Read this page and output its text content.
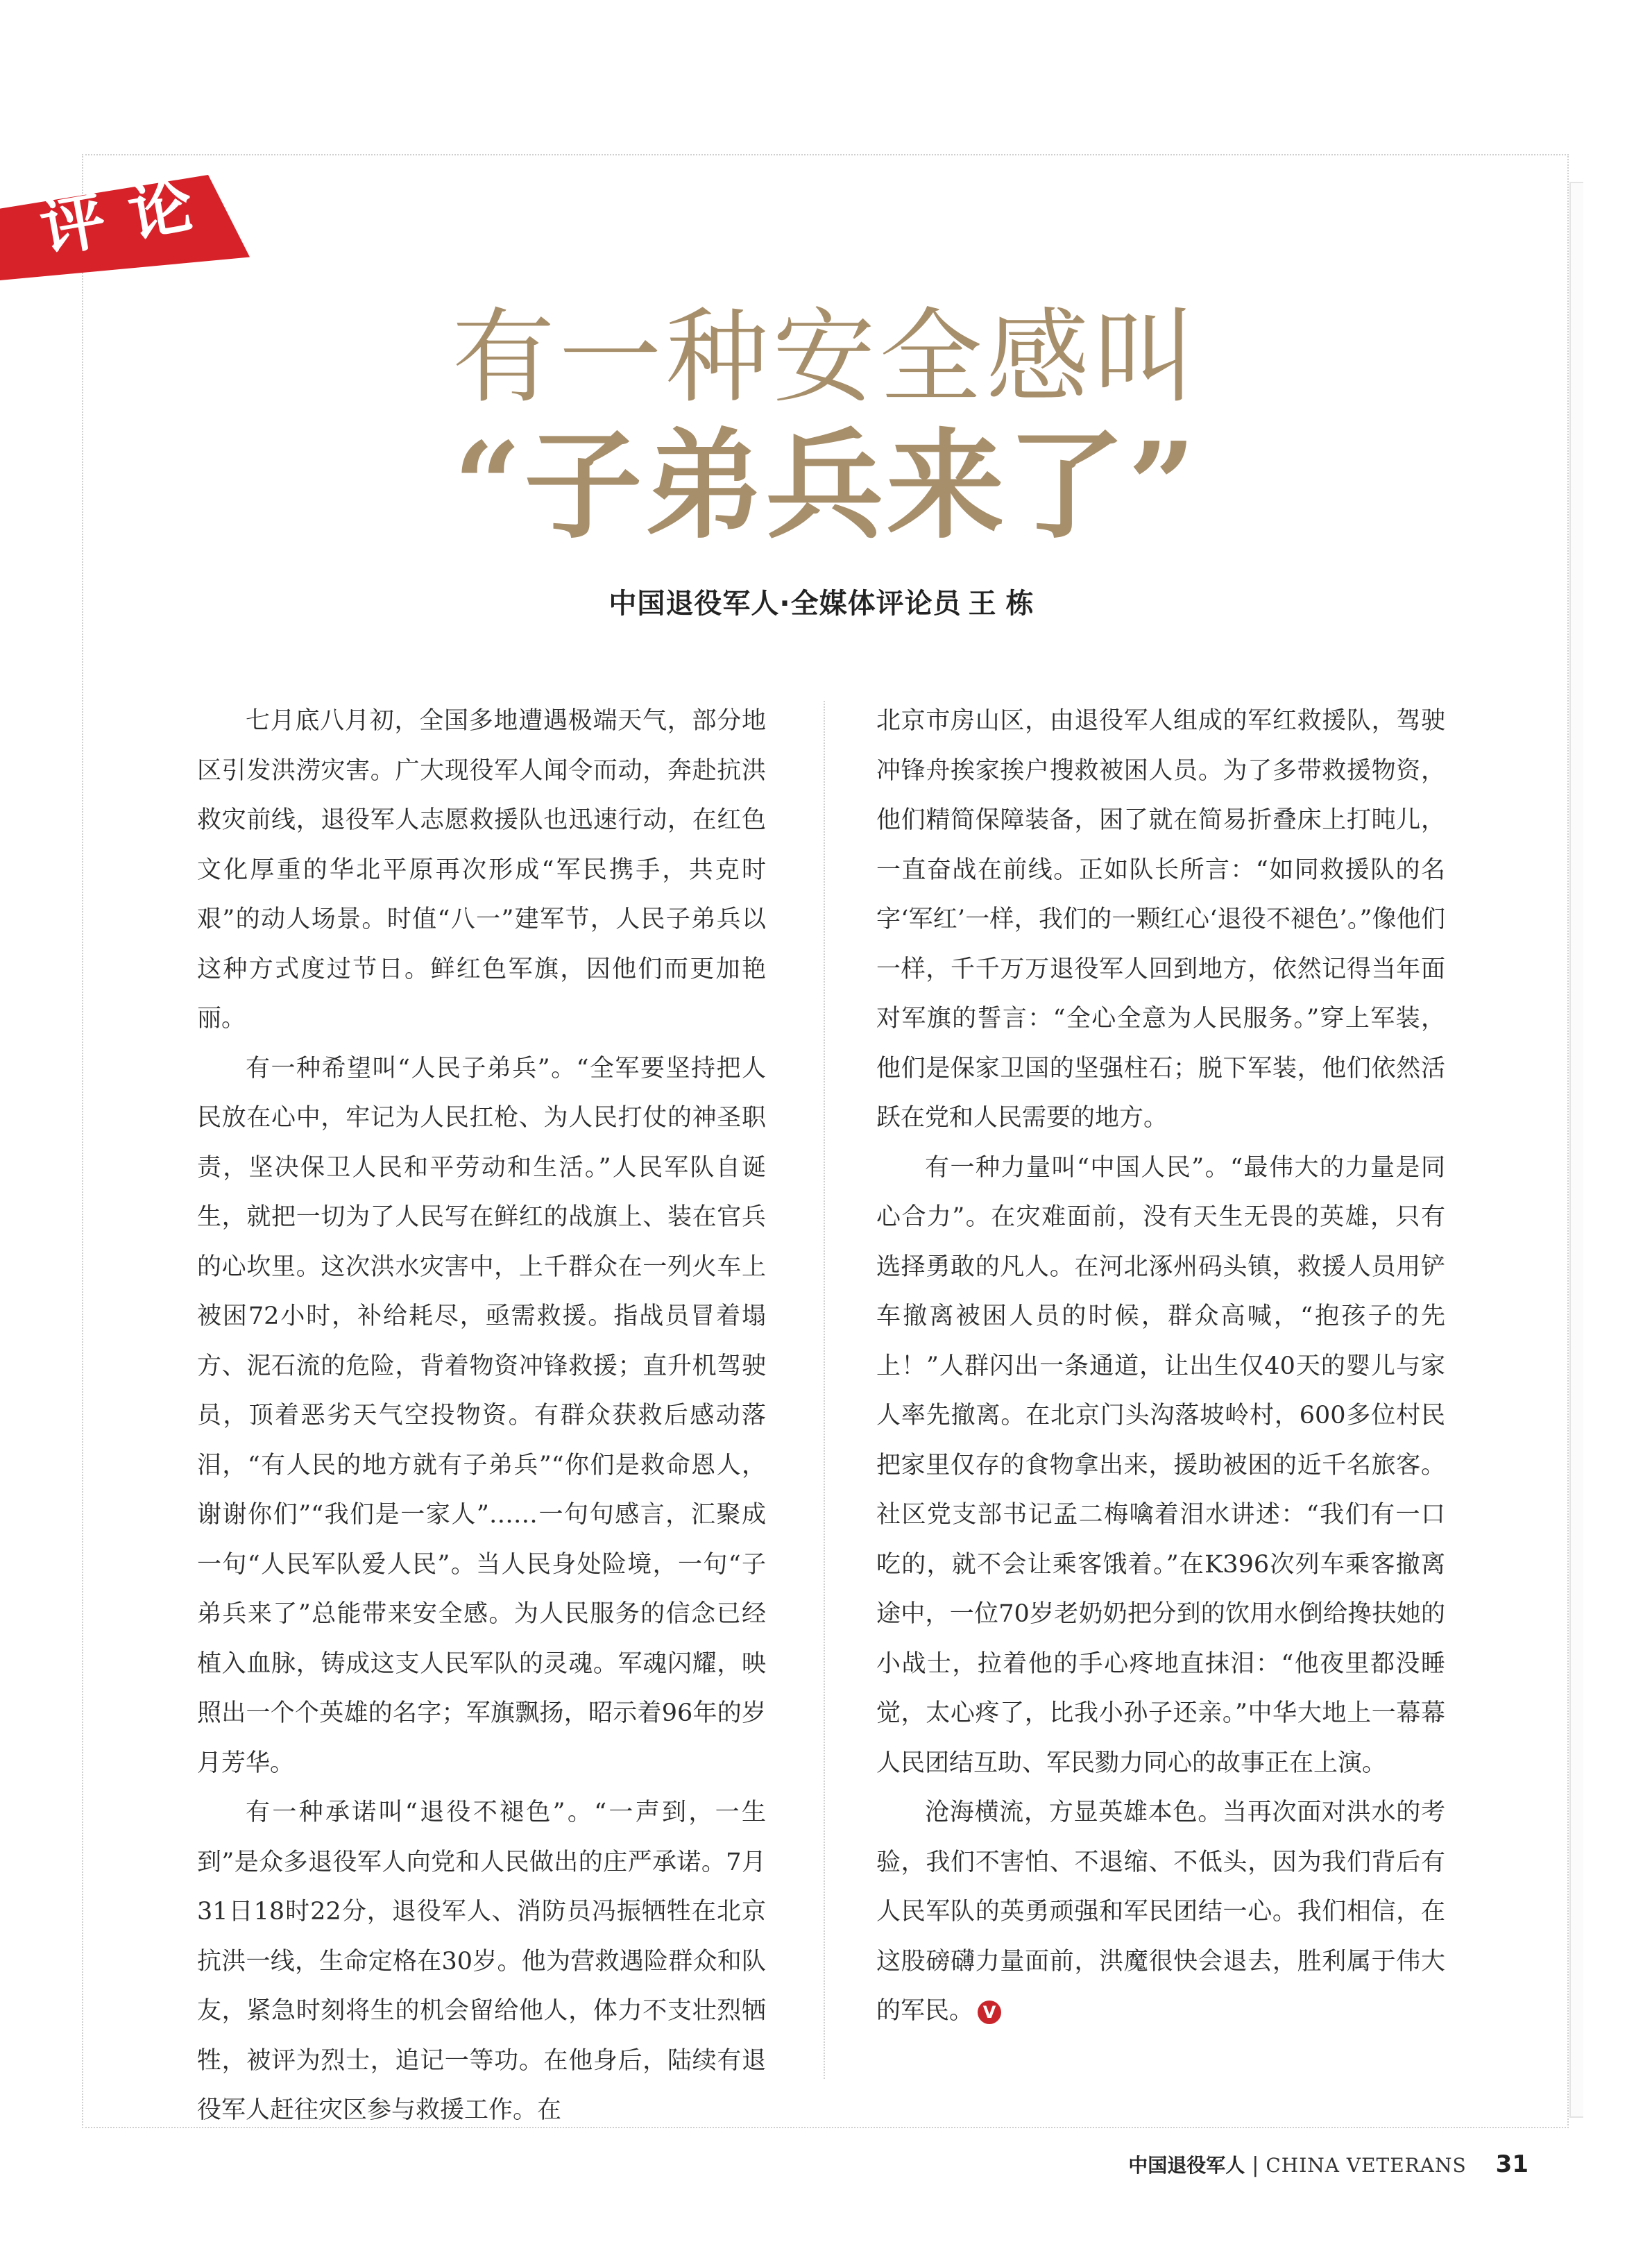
评论
有一种安全感叫
“子弟兵来了”
中国退役军人·全媒体评论员 王栋

七月底八月初，全国多地遭遇极端天气，部分地区引发洪涝灾害。广大现役军人闻令而动，奔赴抗洪救灾前线，退役军人志愿救援队也迅速行动，在红色文化厚重的华北平原再次形成“军民携手，共克时艰”的动人场景。时值“八一”建军节，人民子弟兵以这种方式度过节日。鲜红色军旗，因他们而更加艳丽。

有一种希望叫“人民子弟兵”。“全军要坚持把人民放在心中，牢记为人民扛枪、为人民打仗的神圣职责，坚决保卫人民和平劳动和生活。”人民军队自诞生，就把一切为了人民写在鲜红的战旗上、装在官兵的心坎里。这次洪水灾害中，上千群众在一列火车上被困72小时，补给耗尽，亟需救援。指战员冒着塌方、泥石流的危险，背着物资冲锋救援；直升机驾驶员，顶着恶劣天气空投物资。有群众获救后感动落泪，“有人民的地方就有子弟兵”“你们是救命恩人，谢谢你们”“我们是一家人”……一句句感言，汇聚成一句“人民军队爱人民”。当人民身处险境，一句“子弟兵来了”总能带来安全感。为人民服务的信念已经植入血脉，铸成这支人民军队的灵魂。军魂闪耀，映照出一个个英雄的名字；军旗飘扬，昭示着96年的岁月芳华。

有一种承诺叫“退役不褪色”。“一声到，一生到”是众多退役军人向党和人民做出的庄严承诺。7月31日18时22分，退役军人、消防员冯振牺牲在北京抗洪一线，生命定格在30岁。他为营救遇险群众和队友，紧急时刻将生的机会留给他人，体力不支壮烈牺牲，被评为烈士，追记一等功。在他身后，陆续有退役军人赶往灾区参与救援工作。在

北京市房山区，由退役军人组成的军红救援队，驾驶冲锋舟挨家挨户搜救被困人员。为了多带救援物资，他们精简保障装备，困了就在简易折叠床上打盹儿，一直奋战在前线。正如队长所言：“如同救援队的名字‘军红’一样，我们的一颗红心‘退役不褪色’。”像他们一样，千千万万退役军人回到地方，依然记得当年面对军旗的誓言：“全心全意为人民服务。”穿上军装，他们是保家卫国的坚强柱石；脱下军装，他们依然活跃在党和人民需要的地方。

有一种力量叫“中国人民”。“最伟大的力量是同心合力”。在灾难面前，没有天生无畏的英雄，只有选择勇敢的凡人。在河北涿州码头镇，救援人员用铲车撤离被困人员的时候，群众高喊，“抱孩子的先上！”人群闪出一条通道，让出生仅40天的婴儿与家人率先撤离。在北京门头沟落坡岭村，600多位村民把家里仅存的食物拿出来，援助被困的近千名旅客。社区党支部书记孟二梅噙着泪水讲述：“我们有一口吃的，就不会让乘客饿着。”在K396次列车乘客撤离途中，一位70岁老奶奶把分到的饮用水倒给搀扶她的小战士，拉着他的手心疼地直抹泪：“他夜里都没睡觉，太心疼了，比我小孙子还亲。”中华大地上一幕幕人民团结互助、军民勠力同心的故事正在上演。

沧海横流，方显英雄本色。当再次面对洪水的考验，我们不害怕、不退缩、不低头，因为我们背后有人民军队的英勇顽强和军民团结一心。我们相信，在这股磅礴力量面前，洪魔很快会退去，胜利属于伟大的军民。 V

中国退役军人 | CHINA VETERANS 31
